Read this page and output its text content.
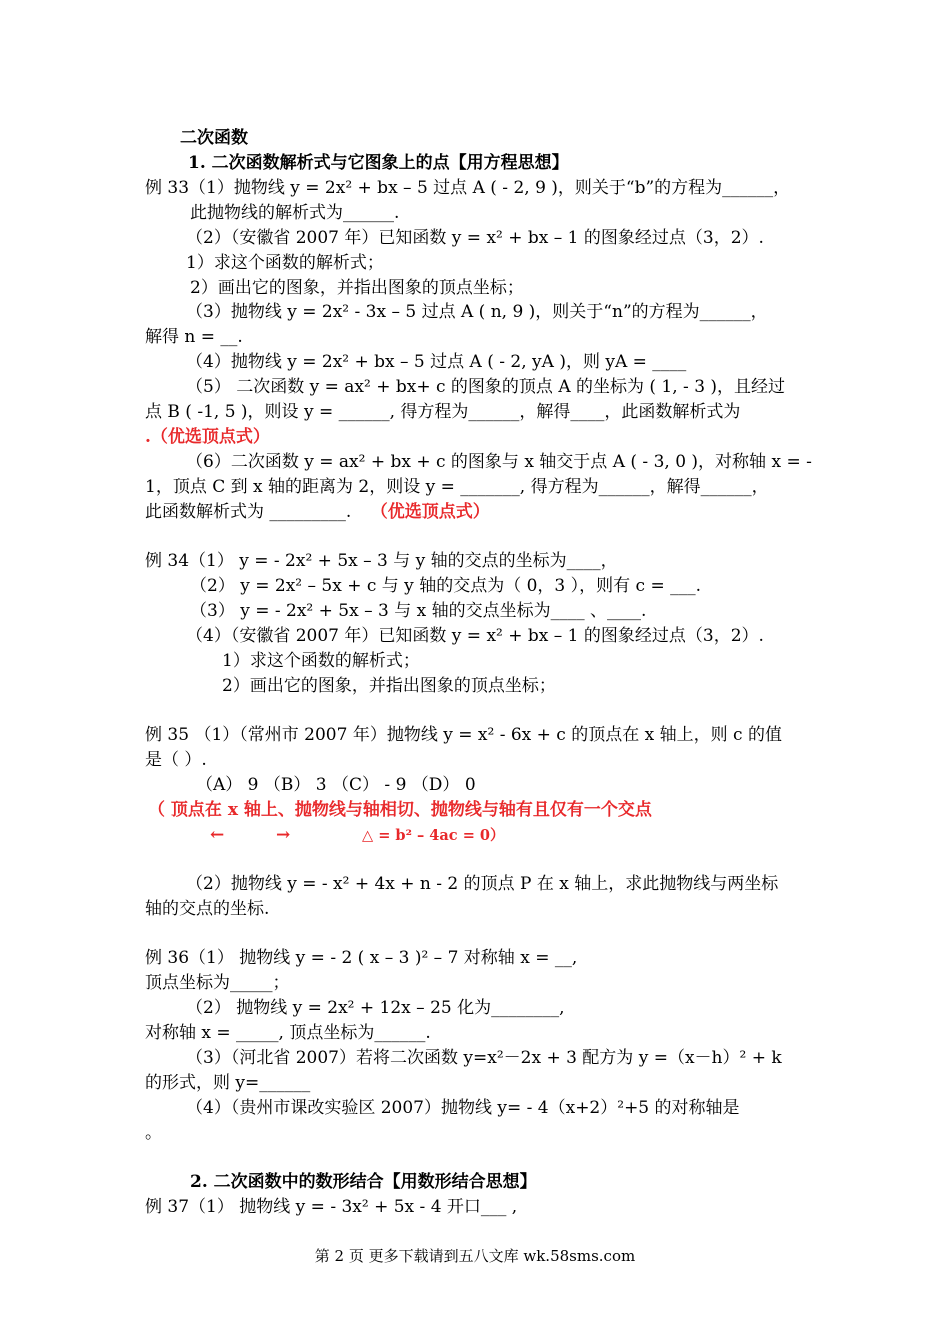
二次函数
1. 二次函数解析式与它图象上的点【用方程思想】
例 33（1）抛物线 y = 2x² + bx – 5 过点 A ( - 2, 9 )，则关于“b”的方程为______，
此抛物线的解析式为______.
（2）（安徽省 2007 年）已知函数 y = x² + bx – 1 的图象经过点（3，2）.
1）求这个函数的解析式；
2）画出它的图象，并指出图象的顶点坐标；
（3）抛物线 y = 2x² - 3x – 5 过点 A ( n, 9 )，则关于“n”的方程为______，
解得 n = __.
（4）抛物线 y = 2x² + bx – 5 过点 A ( - 2, yA )，则 yA = ____
（5） 二次函数 y = ax² + bx+ c 的图象的顶点 A 的坐标为 ( 1, - 3 )，且经过
点 B ( -1, 5 )，则设 y = ______, 得方程为______，解得____，此函数解析式为
.（优选顶点式）
（6）二次函数 y = ax² + bx + c 的图象与 x 轴交于点 A ( - 3, 0 )，对称轴 x = -
1，顶点 C 到 x 轴的距离为 2，则设 y = _______, 得方程为______，解得______，
此函数解析式为 _________. （优选顶点式）
例 34（1） y = - 2x² + 5x – 3 与 y 轴的交点的坐标为____，
（2） y = 2x² – 5x + c 与 y 轴的交点为（ 0，3 ），则有 c = ___.
（3） y = - 2x² + 5x – 3 与 x 轴的交点坐标为____ 、____.
（4）（安徽省 2007 年）已知函数 y = x² + bx – 1 的图象经过点（3，2）.
1）求这个函数的解析式；
2）画出它的图象，并指出图象的顶点坐标；
例 35 （1）（常州市 2007 年）抛物线 y = x² - 6x + c 的顶点在 x 轴上，则 c 的值
是（ ）.
（A） 9 （B） 3 （C） - 9 （D） 0
（ 顶点在 x 轴上、抛物线与轴相切、抛物线与轴有且仅有一个交点
←	→	△ = b² – 4ac = 0）
（2）抛物线 y = - x² + 4x + n - 2 的顶点 P 在 x 轴上，求此抛物线与两坐标
轴的交点的坐标.
例 36（1） 抛物线 y = - 2 ( x – 3 )² – 7 对称轴 x = __,
顶点坐标为_____；
（2） 抛物线 y = 2x² + 12x – 25 化为________,
对称轴 x = _____, 顶点坐标为______.
（3）（河北省 2007）若将二次函数 y=x²－2x + 3 配方为 y =（x－h）² + k
的形式，则 y=______
（4）（贵州市课改实验区 2007）抛物线 y= - 4（x+2）²+5 的对称轴是
。
2. 二次函数中的数形结合【用数形结合思想】
例 37（1） 抛物线 y = - 3x² + 5x - 4 开口___ ,
第 2 页 更多下载请到五八文库 wk.58sms.com
